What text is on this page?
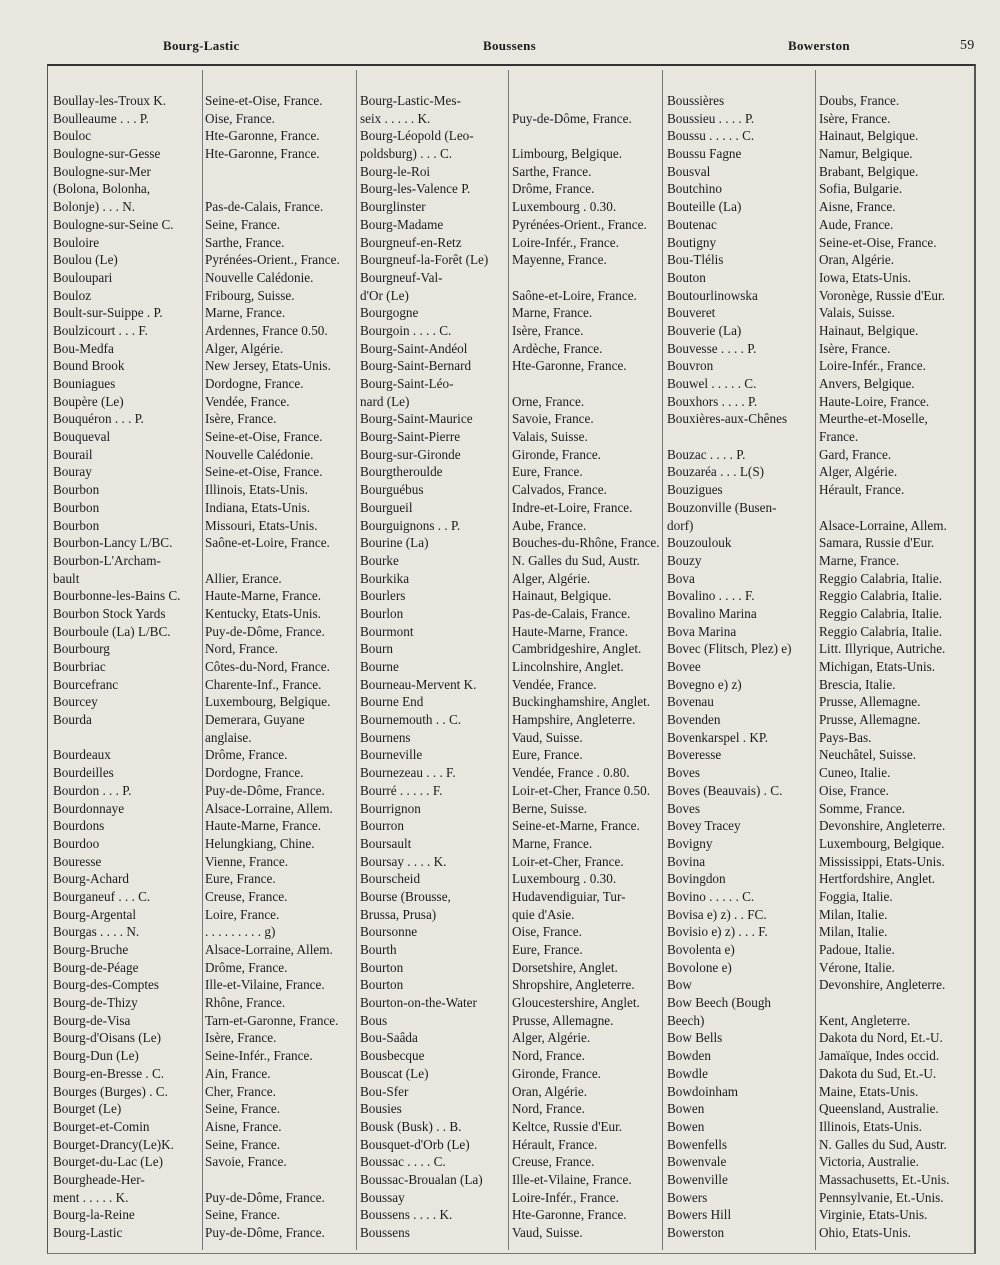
Bourg-Lastic	Boussens	Bowerston	59
Boullay-les-Troux K.	Seine-et-Oise, France.
Boulleaume . . . P.	Oise, France.
Bouloc	Hte-Garonne, France.
Boulogne-sur-Gesse	Hte-Garonne, France.
Boulogne-sur-Mer
(Bolona, Bolonha,
Bolonje) . . . N.	Pas-de-Calais, France.
Boulogne-sur-Seine C.	Seine, France.
Bouloire	Sarthe, France.
Boulou (Le)	Pyrénées-Orient., France.
Bouloupari	Nouvelle Calédonie.
Bouloz	Fribourg, Suisse.
Boult-sur-Suippe . P.	Marne, France.
Boulzicourt . . . F.	Ardennes, France 0.50.
Bou-Medfa	Alger, Algérie.
Bound Brook	New Jersey, Etats-Unis.
Bouniagues	Dordogne, France.
Boupère (Le)	Vendée, France.
Bouquéron . . . P.	Isère, France.
Bouqueval	Seine-et-Oise, France.
Bourail	Nouvelle Calédonie.
Bouray	Seine-et-Oise, France.
Bourbon	Illinois, Etats-Unis.
Bourbon	Indiana, Etats-Unis.
Bourbon	Missouri, Etats-Unis.
Bourbon-Lancy L/BC.	Saône-et-Loire, France.
Bourbon-L'Archam-
bault	Allier, Erance.
Bourbonne-les-Bains C.	Haute-Marne, France.
Bourbon Stock Yards	Kentucky, Etats-Unis.
Bourboule (La) L/BC.	Puy-de-Dôme, France.
Bourbourg	Nord, France.
Bourbriac	Côtes-du-Nord, France.
Bourcefranc	Charente-Inf., France.
Bourcey	Luxembourg, Belgique.
Bourda	Demerara, Guyane
anglaise.
Bourdeaux	Drôme, France.
Bourdeilles	Dordogne, France.
Bourdon . . . P.	Puy-de-Dôme, France.
Bourdonnaye	Alsace-Lorraine, Allem.
Bourdons	Haute-Marne, France.
Bourdoo	Helungkiang, Chine.
Bouresse	Vienne, France.
Bourg-Achard	Eure, France.
Bourganeuf . . . C.	Creuse, France.
Bourg-Argental	Loire, France.
Bourgas . . . . N.	. . . . . . . . . g)
Bourg-Bruche	Alsace-Lorraine, Allem.
Bourg-de-Péage	Drôme, France.
Bourg-des-Comptes	Ille-et-Vilaine, France.
Bourg-de-Thizy	Rhône, France.
Bourg-de-Visa	Tarn-et-Garonne, France.
Bourg-d'Oisans (Le)	Isère, France.
Bourg-Dun (Le)	Seine-Infér., France.
Bourg-en-Bresse . C.	Ain, France.
Bourges (Burges) . C.	Cher, France.
Bourget (Le)	Seine, France.
Bourget-et-Comin	Aisne, France.
Bourget-Drancy(Le)K.	Seine, France.
Bourget-du-Lac (Le)	Savoie, France.
Bourgheade-Her-
ment . . . . . K.	Puy-de-Dôme, France.
Bourg-la-Reine	Seine, France.
Bourg-Lastic	Puy-de-Dôme, France.
Bourg-Lastic-Mes-
seix . . . . . K.	Puy-de-Dôme, France.
Bourg-Léopold (Leo-
poldsburg) . . . C.	Limbourg, Belgique.
Bourg-le-Roi	Sarthe, France.
Bourg-les-Valence P.	Drôme, France.
Bourglinster	Luxembourg . 0.30.
Bourg-Madame	Pyrénées-Orient., France.
Bourgneuf-en-Retz	Loire-Infér., France.
Bourgneuf-la-Forêt (Le)	Mayenne, France.
Bourgneuf-Val-
d'Or (Le)	Saône-et-Loire, France.
Bourgogne	Marne, France.
Bourgoin . . . . C.	Isère, France.
Bourg-Saint-Andéol	Ardèche, France.
Bourg-Saint-Bernard	Hte-Garonne, France.
Bourg-Saint-Léo-
nard (Le)	Orne, France.
Bourg-Saint-Maurice	Savoie, France.
Bourg-Saint-Pierre	Valais, Suisse.
Bourg-sur-Gironde	Gironde, France.
Bourgtheroulde	Eure, France.
Bourguébus	Calvados, France.
Bourgueil	Indre-et-Loire, France.
Bourguignons . . P.	Aube, France.
Bourine (La)	Bouches-du-Rhône, France.
Bourke	N. Galles du Sud, Austr.
Bourkika	Alger, Algérie.
Bourlers	Hainaut, Belgique.
Bourlon	Pas-de-Calais, France.
Bourmont	Haute-Marne, France.
Bourn	Cambridgeshire, Anglet.
Bourne	Lincolnshire, Anglet.
Bourneau-Mervent K.	Vendée, France.
Bourne End	Buckinghamshire, Anglet.
Bournemouth . . C.	Hampshire, Angleterre.
Bournens	Vaud, Suisse.
Bourneville	Eure, France.
Bournezeau . . . F.	Vendée, France . 0.80.
Bourré . . . . . F.	Loir-et-Cher, France 0.50.
Bourrignon	Berne, Suisse.
Bourron	Seine-et-Marne, France.
Boursault	Marne, France.
Boursay . . . . K.	Loir-et-Cher, France.
Bourscheid	Luxembourg . 0.30.
Bourse (Brousse,	Hudavendiguiar, Tur-
Brussa, Prusa)	quie d'Asie.
Boursonne	Oise, France.
Bourth	Eure, France.
Bourton	Dorsetshire, Anglet.
Bourton	Shropshire, Angleterre.
Bourton-on-the-Water	Gloucestershire, Anglet.
Bous	Prusse, Allemagne.
Bou-Saâda	Alger, Algérie.
Bousbecque	Nord, France.
Bouscat (Le)	Gironde, France.
Bou-Sfer	Oran, Algérie.
Bousies	Nord, France.
Bousk (Busk) . . B.	Keltce, Russie d'Eur.
Bousquet-d'Orb (Le)	Hérault, France.
Boussac . . . . C.	Creuse, France.
Boussac-Broualan (La)	Ille-et-Vilaine, France.
Boussay	Loire-Infér., France.
Boussens . . . . K.	Hte-Garonne, France.
Boussens	Vaud, Suisse.
Boussières	Doubs, France.
Boussieu . . . . P.	Isère, France.
Boussu . . . . . C.	Hainaut, Belgique.
Boussu Fagne	Namur, Belgique.
Bousval	Brabant, Belgique.
Boutchino	Sofia, Bulgarie.
Bouteille (La)	Aisne, France.
Boutenac	Aude, France.
Boutigny	Seine-et-Oise, France.
Bou-Tlélis	Oran, Algérie.
Bouton	Iowa, Etats-Unis.
Boutourlinowska	Voronège, Russie d'Eur.
Bouveret	Valais, Suisse.
Bouverie (La)	Hainaut, Belgique.
Bouvesse . . . . P.	Isère, France.
Bouvron	Loire-Infér., France.
Bouwel . . . . . C.	Anvers, Belgique.
Bouxhors . . . . P.	Haute-Loire, France.
Bouxières-aux-Chênes	Meurthe-et-Moselle,
France.
Bouzac . . . . P.	Gard, France.
Bouzaréa . . . L(S)	Alger, Algérie.
Bouzigues	Hérault, France.
Bouzonville (Busen-
dorf)	Alsace-Lorraine, Allem.
Bouzoulouk	Samara, Russie d'Eur.
Bouzy	Marne, France.
Bova	Reggio Calabria, Italie.
Bovalino . . . . F.	Reggio Calabria, Italie.
Bovalino Marina	Reggio Calabria, Italie.
Bova Marina	Reggio Calabria, Italie.
Bovec (Flitsch, Plez) e)	Litt. Illyrique, Autriche.
Bovee	Michigan, Etats-Unis.
Bovegno e) z)	Brescia, Italie.
Bovenau	Prusse, Allemagne.
Bovenden	Prusse, Allemagne.
Bovenkarspel . KP.	Pays-Bas.
Boveresse	Neuchâtel, Suisse.
Boves	Cuneo, Italie.
Boves (Beauvais) . C.	Oise, France.
Boves	Somme, France.
Bovey Tracey	Devonshire, Angleterre.
Bovigny	Luxembourg, Belgique.
Bovina	Mississippi, Etats-Unis.
Bovingdon	Hertfordshire, Anglet.
Bovino . . . . . C.	Foggia, Italie.
Bovisa e) z) . . FC.	Milan, Italie.
Bovisio e) z) . . . F.	Milan, Italie.
Bovolenta e)	Padoue, Italie.
Bovolone e)	Vérone, Italie.
Bow	Devonshire, Angleterre.
Bow Beech (Bough
Beech)	Kent, Angleterre.
Bow Bells	Dakota du Nord, Et.-U.
Bowden	Jamaïque, Indes occid.
Bowdle	Dakota du Sud, Et.-U.
Bowdoinham	Maine, Etats-Unis.
Bowen	Queensland, Australie.
Bowen	Illinois, Etats-Unis.
Bowenfells	N. Galles du Sud, Austr.
Bowenvale	Victoria, Australie.
Bowenville	Massachusetts, Et.-Unis.
Bowers	Pennsylvanie, Et.-Unis.
Bowers Hill	Virginie, Etats-Unis.
Bowerston	Ohio, Etats-Unis.
